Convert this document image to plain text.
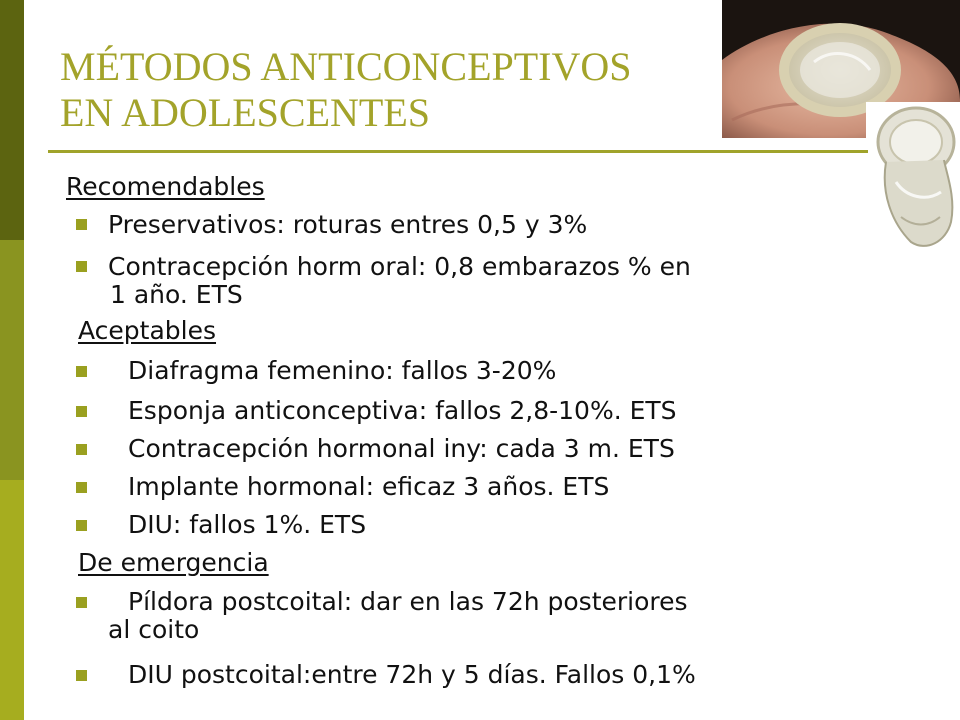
MÉTODOS ANTICONCEPTIVOS
EN ADOLESCENTES
Recomendables
Preservativos: roturas entres 0,5 y 3%
Contracepción horm oral: 0,8 embarazos % en
1 año. ETS
Aceptables
Diafragma femenino: fallos 3-20%
Esponja anticonceptiva: fallos 2,8-10%. ETS
Contracepción hormonal iny: cada 3 m. ETS
Implante hormonal: eficaz 3 años. ETS
DIU: fallos 1%. ETS
De emergencia
Píldora postcoital: dar en las 72h posteriores
al coito
DIU postcoital:entre 72h y 5 días. Fallos 0,1%
